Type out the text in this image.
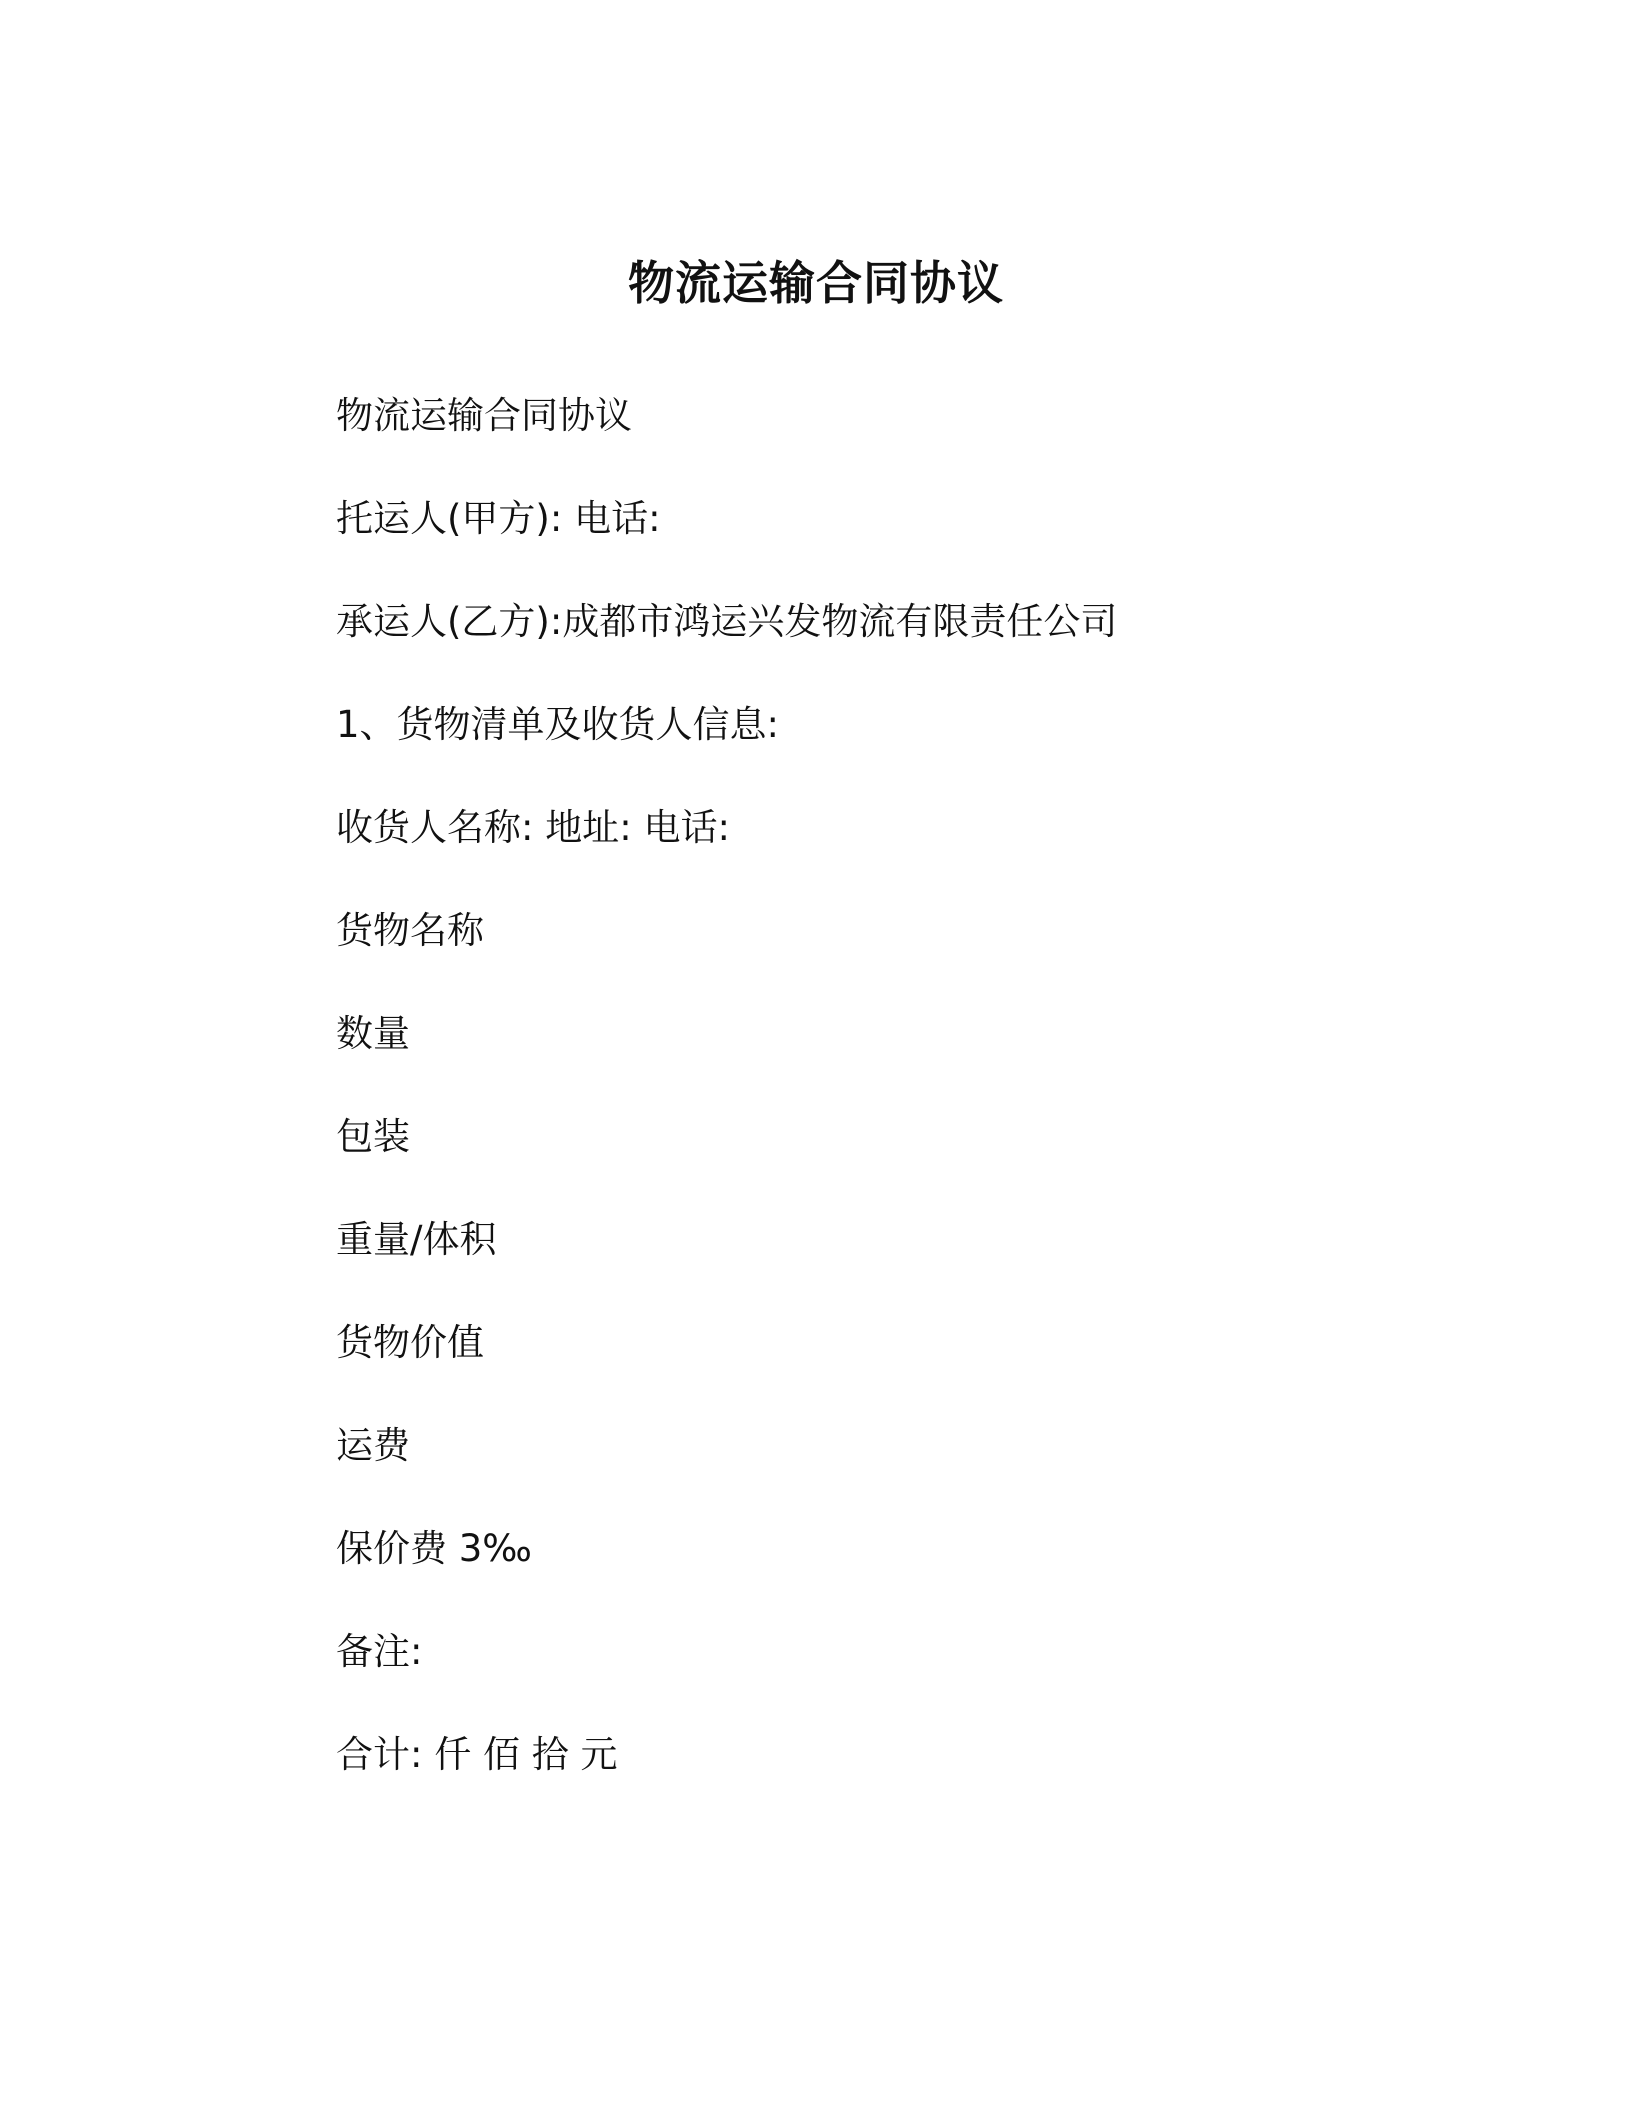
物流运输合同协议

物流运输合同协议

托运人(甲方): 电话:

承运人(乙方):成都市鸿运兴发物流有限责任公司

1、货物清单及收货人信息:

收货人名称: 地址: 电话:

货物名称

数量

包装

重量/体积

货物价值

运费

保价费 3‰

备注:

合计: 仟 佰 拾 元
